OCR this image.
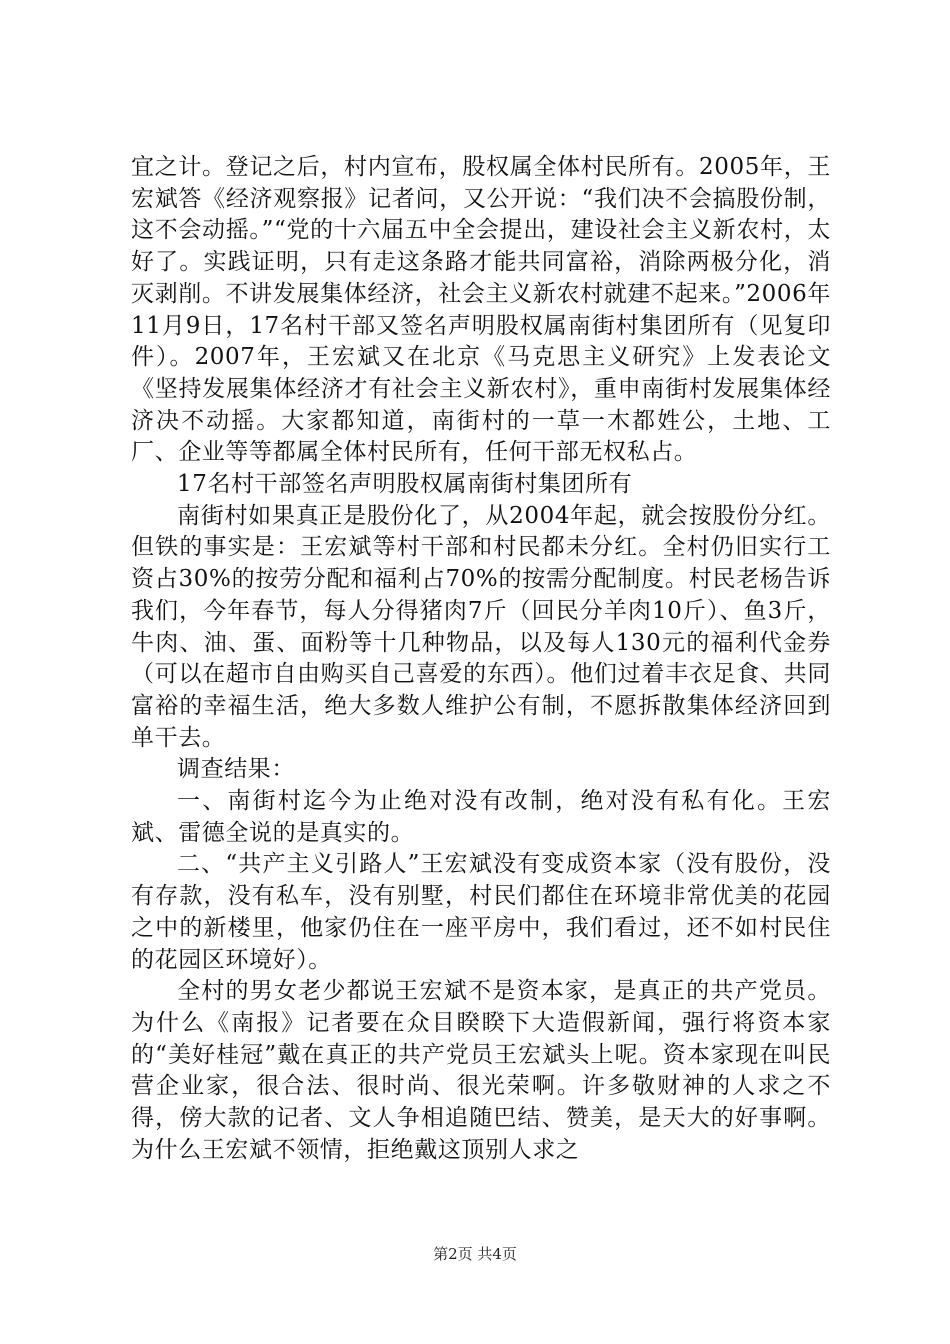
宜之计。登记之后，村内宣布，股权属全体村民所有。2005年，王宏斌答《经济观察报》记者问，又公开说：“我们决不会搞股份制，这不会动摇。”“党的十六届五中全会提出，建设社会主义新农村，太好了。实践证明，只有走这条路才能共同富裕，消除两极分化，消灭剥削。不讲发展集体经济，社会主义新农村就建不起来。”2006年11月9日，17名村干部又签名声明股权属南街村集团所有（见复印件）。2007年，王宏斌又在北京《马克思主义研究》上发表论文《坚持发展集体经济才有社会主义新农村》，重申南街村发展集体经济决不动摇。大家都知道，南街村的一草一木都姓公，土地、工厂、企业等等都属全体村民所有，任何干部无权私占。

17名村干部签名声明股权属南街村集团所有

南街村如果真正是股份化了，从2004年起，就会按股份分红。但铁的事实是：王宏斌等村干部和村民都未分红。全村仍旧实行工资占30%的按劳分配和福利占70%的按需分配制度。村民老杨告诉我们，今年春节，每人分得猪肉7斤（回民分羊肉10斤）、鱼3斤，牛肉、油、蛋、面粉等十几种物品，以及每人130元的福利代金券（可以在超市自由购买自己喜爱的东西）。他们过着丰衣足食、共同富裕的幸福生活，绝大多数人维护公有制，不愿拆散集体经济回到单干去。

调查结果：

一、南街村迄今为止绝对没有改制，绝对没有私有化。王宏斌、雷德全说的是真实的。

二、“共产主义引路人”王宏斌没有变成资本家（没有股份，没有存款，没有私车，没有别墅，村民们都住在环境非常优美的花园之中的新楼里，他家仍住在一座平房中，我们看过，还不如村民住的花园区环境好）。

全村的男女老少都说王宏斌不是资本家，是真正的共产党员。为什么《南报》记者要在众目睽睽下大造假新闻，强行将资本家的“美好桂冠”戴在真正的共产党员王宏斌头上呢。资本家现在叫民营企业家，很合法、很时尚、很光荣啊。许多敬财神的人求之不得，傍大款的记者、文人争相追随巴结、赞美，是天大的好事啊。为什么王宏斌不领情，拒绝戴这顶别人求之

第2页 共4页
